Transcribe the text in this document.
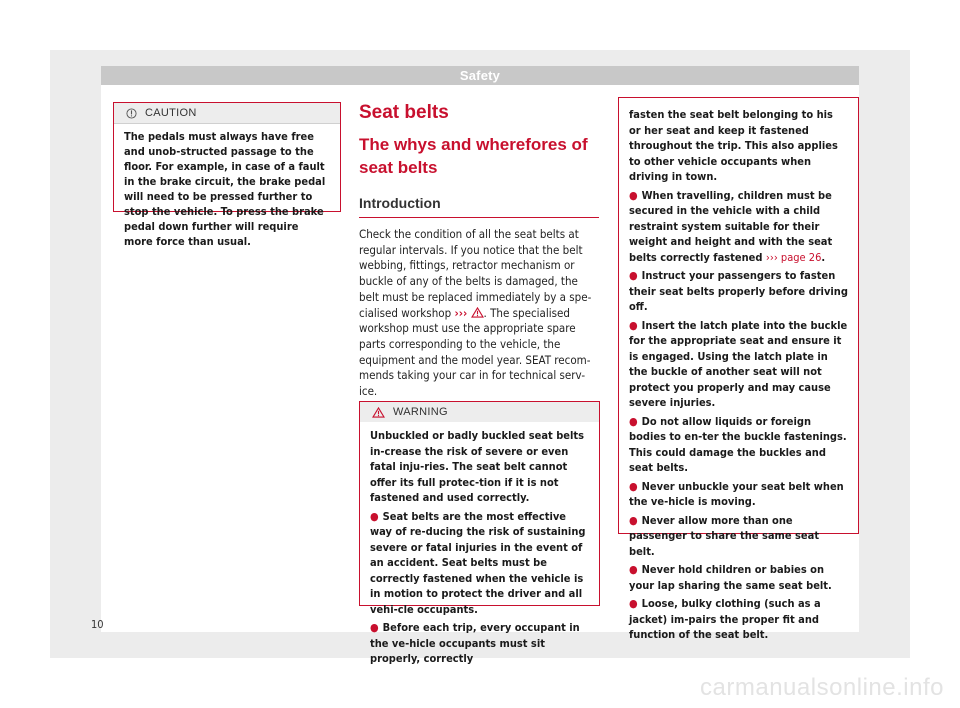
Safety
CAUTION
The pedals must always have free and unob-structed passage to the floor. For example, in case of a fault in the brake circuit, the brake pedal will need to be pressed further to stop the vehicle. To press the brake pedal down further will require more force than usual.
Seat belts
The whys and wherefores of seat belts
Introduction
Check the condition of all the seat belts at regular intervals. If you notice that the belt webbing, fittings, retractor mechanism or buckle of any of the belts is damaged, the belt must be replaced immediately by a spe-cialised workshop ››› . The specialised workshop must use the appropriate spare parts corresponding to the vehicle, the equipment and the model year. SEAT recom-mends taking your car in for technical serv-ice.
WARNING
Unbuckled or badly buckled seat belts in-crease the risk of severe or even fatal inju-ries. The seat belt cannot offer its full protec-tion if it is not fastened and used correctly.
● Seat belts are the most effective way of re-ducing the risk of sustaining severe or fatal injuries in the event of an accident. Seat belts must be correctly fastened when the vehicle is in motion to protect the driver and all vehi-cle occupants.
● Before each trip, every occupant in the ve-hicle occupants must sit properly, correctly
fasten the seat belt belonging to his or her seat and keep it fastened throughout the trip. This also applies to other vehicle occupants when driving in town.
● When travelling, children must be secured in the vehicle with a child restraint system suitable for their weight and height and with the seat belts correctly fastened ››› page 26.
● Instruct your passengers to fasten their seat belts properly before driving off.
● Insert the latch plate into the buckle for the appropriate seat and ensure it is engaged. Using the latch plate in the buckle of another seat will not protect you properly and may cause severe injuries.
● Do not allow liquids or foreign bodies to en-ter the buckle fastenings. This could damage the buckles and seat belts.
● Never unbuckle your seat belt when the ve-hicle is moving.
● Never allow more than one passenger to share the same seat belt.
● Never hold children or babies on your lap sharing the same seat belt.
● Loose, bulky clothing (such as a jacket) im-pairs the proper fit and function of the seat belt.
10
carmanualsonline.info
